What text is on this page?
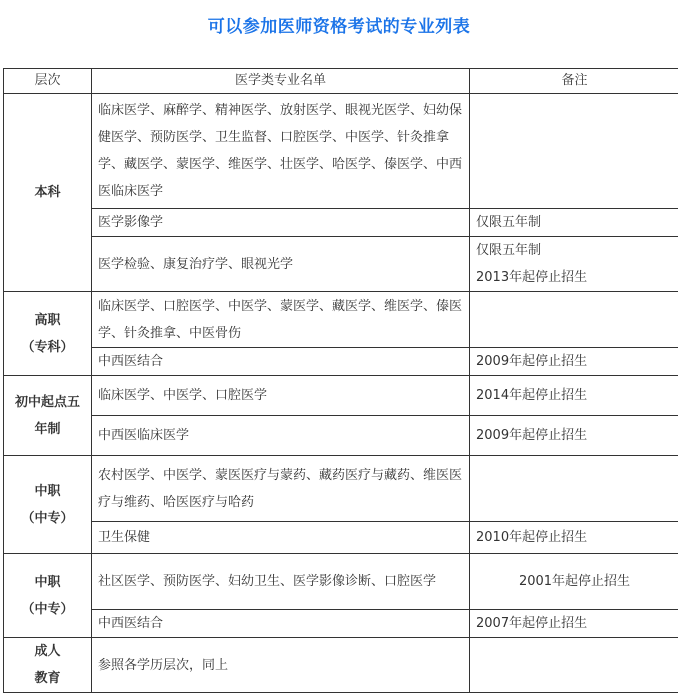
可以参加医师资格考试的专业列表
层次	医学类专业名单	备注

本科	临床医学、麻醉学、精神医学、放射医学、眼视光医学、妇幼保健医学、预防医学、卫生监督、口腔医学、中医学、针灸推拿学、藏医学、蒙医学、维医学、壮医学、哈医学、傣医学、中西医临床医学	
	医学影像学	仅限五年制

	医学检验、康复治疗学、眼视光学	仅限五年制
2013年起停止招生

高职
（专科）	临床医学、口腔医学、中医学、蒙医学、藏医学、维医学、傣医学、针灸推拿、中医骨伤	
	中西医结合	2009年起停止招生

初中起点五年制	临床医学、中医学、口腔医学	2014年起停止招生

	中西医临床医学	2009年起停止招生

中职
（中专）	农村医学、中医学、蒙医医疗与蒙药、藏药医疗与藏药、维医医疗与维药、哈医医疗与哈药	
	卫生保健	2010年起停止招生

中职
（中专）	社区医学、预防医学、妇幼卫生、医学影像诊断、口腔医学	2001年起停止招生

	中西医结合	2007年起停止招生

成人
教育	参照各学历层次，同上	
